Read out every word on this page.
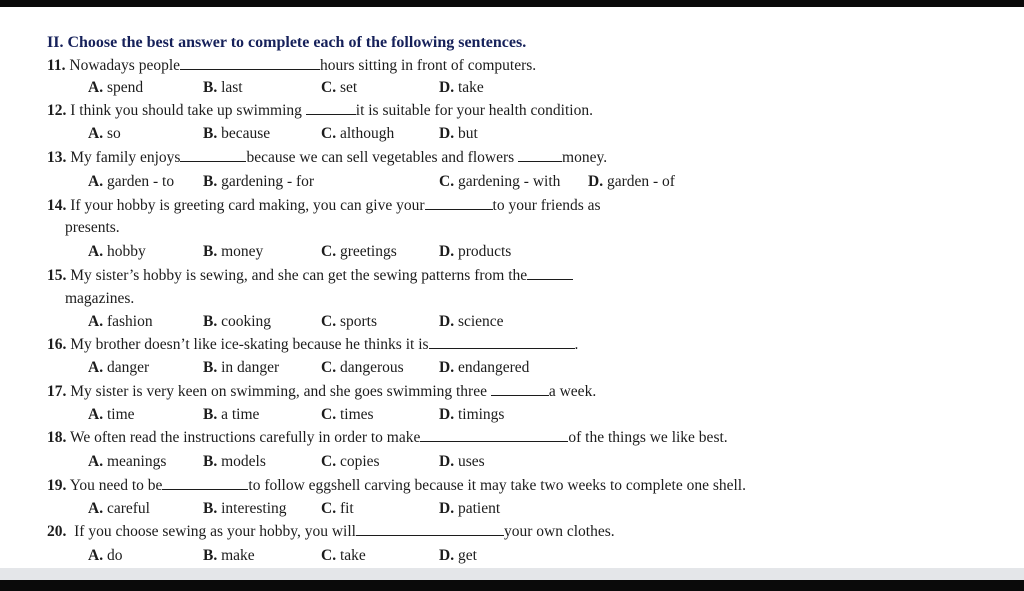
II. Choose the best answer to complete each of the following sentences.
11. Nowadays people	hours sitting in front of computers.
A. spend	B. last	C. set	D. take
12. I think you should take up swimming	it is suitable for your health condition.
A. so	B. because	C. although	D. but
13. My family enjoys	because we can sell vegetables and flowers	money.
A. garden - to B. gardening - for	C. gardening - with D. garden - of
14. If your hobby is greeting card making, you can give your	to your friends as
presents.
A. hobby	B. money	C. greetings	D. products
15. My sister’s hobby is sewing, and she can get the sewing patterns from the
magazines.
A. fashion	B. cooking	C. sports	D. science
16. My brother doesn’t like ice-skating because he thinks it is	.
A. danger	B. in danger	C. dangerous D. endangered
17. My sister is very keen on swimming, and she goes swimming three	a week.
A. time	B. a time	C. times	D. timings
18. We often read the instructions carefully in order to make	of the things we like best.
A. meanings B. models	C. copies	D. uses
19. You need to be	to follow eggshell carving because it may take two weeks to complete one shell.
A. careful	B. interesting C. fit	D. patient
20. If you choose sewing as your hobby, you will	your own clothes.
A. do	B. make	C. take	D. get
